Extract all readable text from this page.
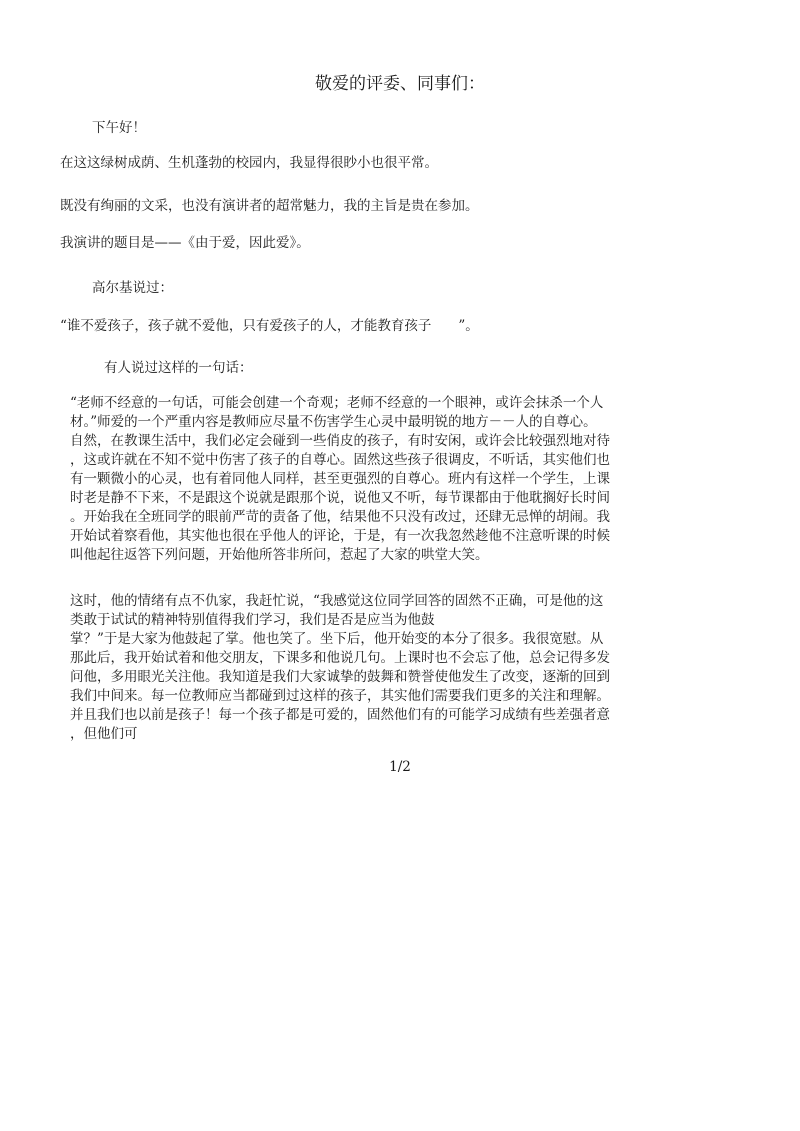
敬爱的评委、同事们：
下午好！
在这这绿树成荫、生机蓬勃的校园内，我显得很眇小也很平常。
既没有绚丽的文采，也没有演讲者的超常魅力，我的主旨是贵在参加。
我演讲的题目是——《由于爱，因此爱》。
高尔基说过：
“谁不爱孩子，孩子就不爱他，只有爱孩子的人，才能教育孩子　　”。
有人说过这样的一句话：
“老师不经意的一句话，可能会创建一个奇观；老师不经意的一个眼神，或许会抹杀一个人
材。”师爱的一个严重内容是教师应尽量不伤害学生心灵中最明锐的地方－－人的自尊心。
自然，在教课生活中，我们必定会碰到一些俏皮的孩子，有时安闲，或许会比较强烈地对待
，这或许就在不知不觉中伤害了孩子的自尊心。固然这些孩子很调皮，不听话，其实他们也
有一颗微小的心灵，也有着同他人同样，甚至更强烈的自尊心。班内有这样一个学生，上课
时老是静不下来，不是跟这个说就是跟那个说，说他又不听，每节课都由于他耽搁好长时间
。开始我在全班同学的眼前严苛的责备了他，结果他不只没有改过，还肆无忌惮的胡闹。我
开始试着察看他，其实他也很在乎他人的评论，于是，有一次我忽然趁他不注意听课的时候
叫他起往返答下列问题，开始他所答非所问，惹起了大家的哄堂大笑。
这时，他的情绪有点不仇家，我赶忙说，“我感觉这位同学回答的固然不正确，可是他的这
类敢于试试的精神特别值得我们学习，我们是否是应当为他鼓
掌？”于是大家为他鼓起了掌。他也笑了。坐下后，他开始变的本分了很多。我很宽慰。从
那此后，我开始试着和他交朋友，下课多和他说几句。上课时也不会忘了他，总会记得多发
问他，多用眼光关注他。我知道是我们大家诚挚的鼓舞和赞誉使他发生了改变，逐渐的回到
我们中间来。每一位教师应当都碰到过这样的孩子，其实他们需要我们更多的关注和理解。
并且我们也以前是孩子！每一个孩子都是可爱的，固然他们有的可能学习成绩有些差强者意
，但他们可
1/2
